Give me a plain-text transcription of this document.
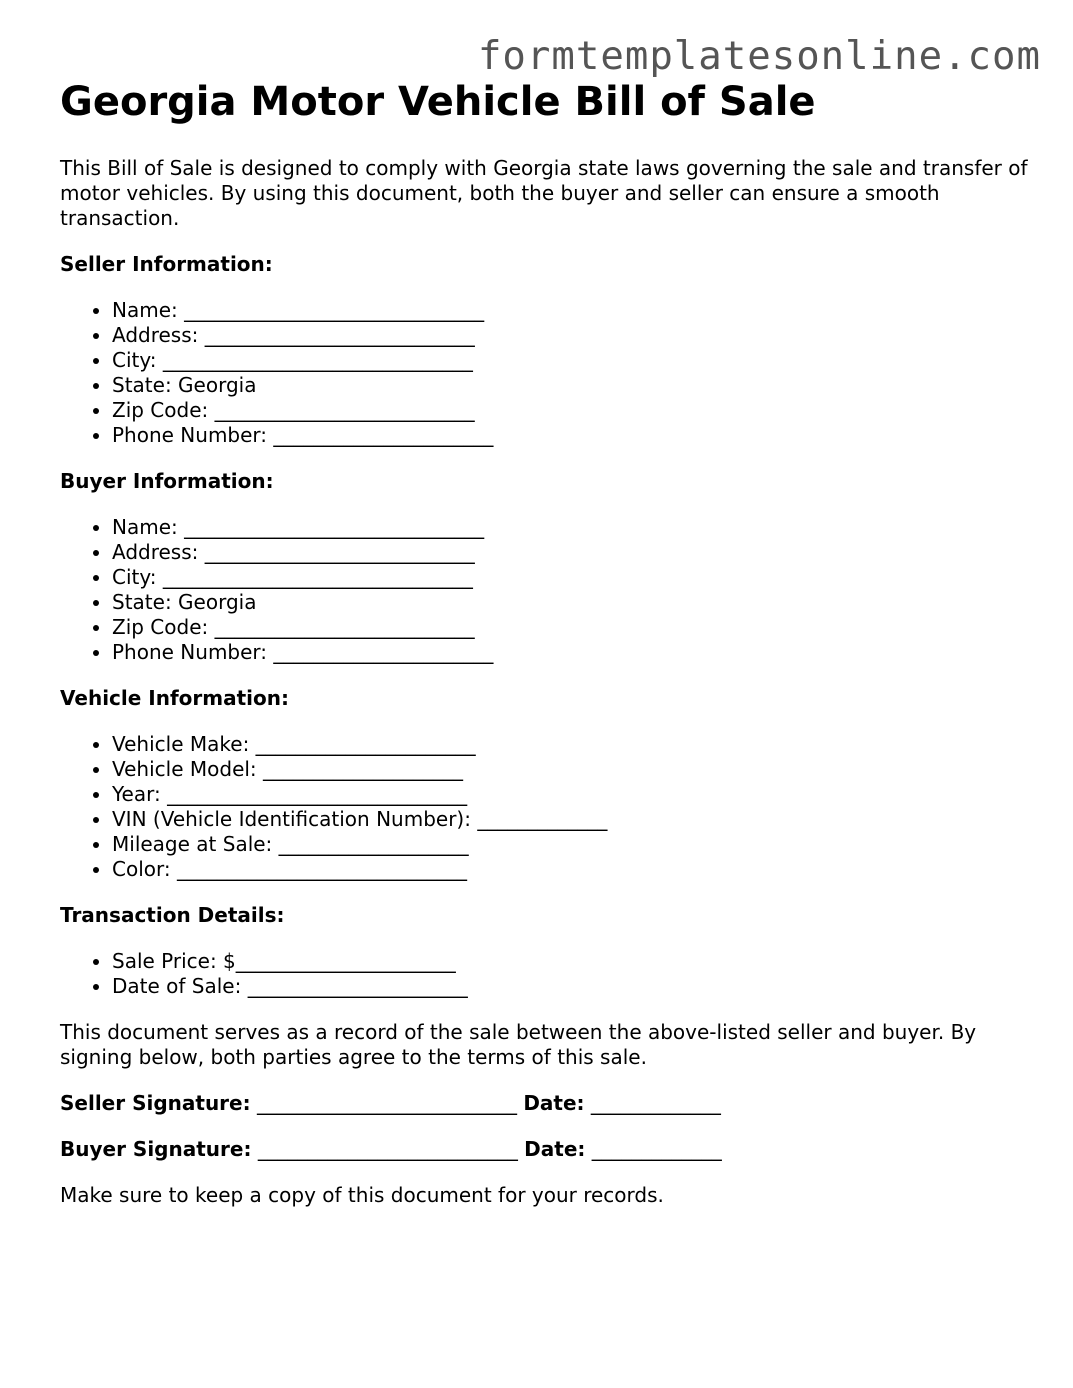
formtemplatesonline.com
Georgia Motor Vehicle Bill of Sale

This Bill of Sale is designed to comply with Georgia state laws governing the sale and transfer of motor vehicles. By using this document, both the buyer and seller can ensure a smooth transaction.

Seller Information:
• Name: ______________________________
• Address: ___________________________
• City: _______________________________
• State: Georgia
• Zip Code: __________________________
• Phone Number: ______________________
Buyer Information:
• Name: ______________________________
• Address: ___________________________
• City: _______________________________
• State: Georgia
• Zip Code: __________________________
• Phone Number: ______________________
Vehicle Information:
• Vehicle Make: ______________________
• Vehicle Model: ____________________
• Year: ______________________________
• VIN (Vehicle Identification Number): _____________
• Mileage at Sale: ___________________
• Color: _____________________________
Transaction Details:
• Sale Price: $______________________
• Date of Sale: ______________________

This document serves as a record of the sale between the above-listed seller and buyer. By signing below, both parties agree to the terms of this sale.

Seller Signature: __________________________ Date: _____________
Buyer Signature: __________________________ Date: _____________

Make sure to keep a copy of this document for your records.
